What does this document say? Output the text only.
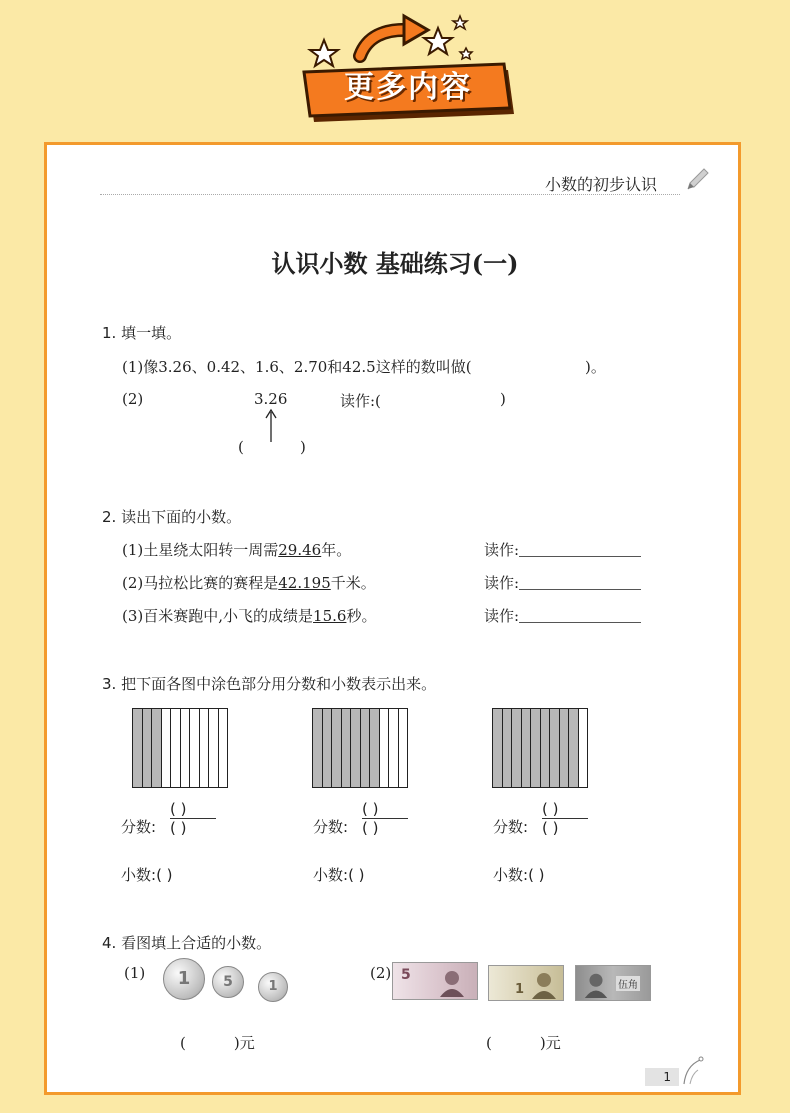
更多内容
小数的初步认识
认识小数 基础练习(一)
1. 填一填。
(1)像3.26、0.42、1.6、2.70和42.5这样的数叫做(	)。
(2)	3.26	读作:(	)
(	)
2. 读出下面的小数。
(1)土星绕太阳转一周需29.46年。	读作:
(2)马拉松比赛的赛程是42.195千米。	读作:
(3)百米赛跑中,小飞的成绩是15.6秒。	读作:
3. 把下面各图中涂色部分用分数和小数表示出来。
分数:
( )
( )	分数:
( )
( )	分数:
( )
( )
小数:( )	小数:( )	小数:( )
4. 看图填上合适的小数。
(1)	1	5	1
(2) 5
1	伍角
(	)元	(	)元
1
